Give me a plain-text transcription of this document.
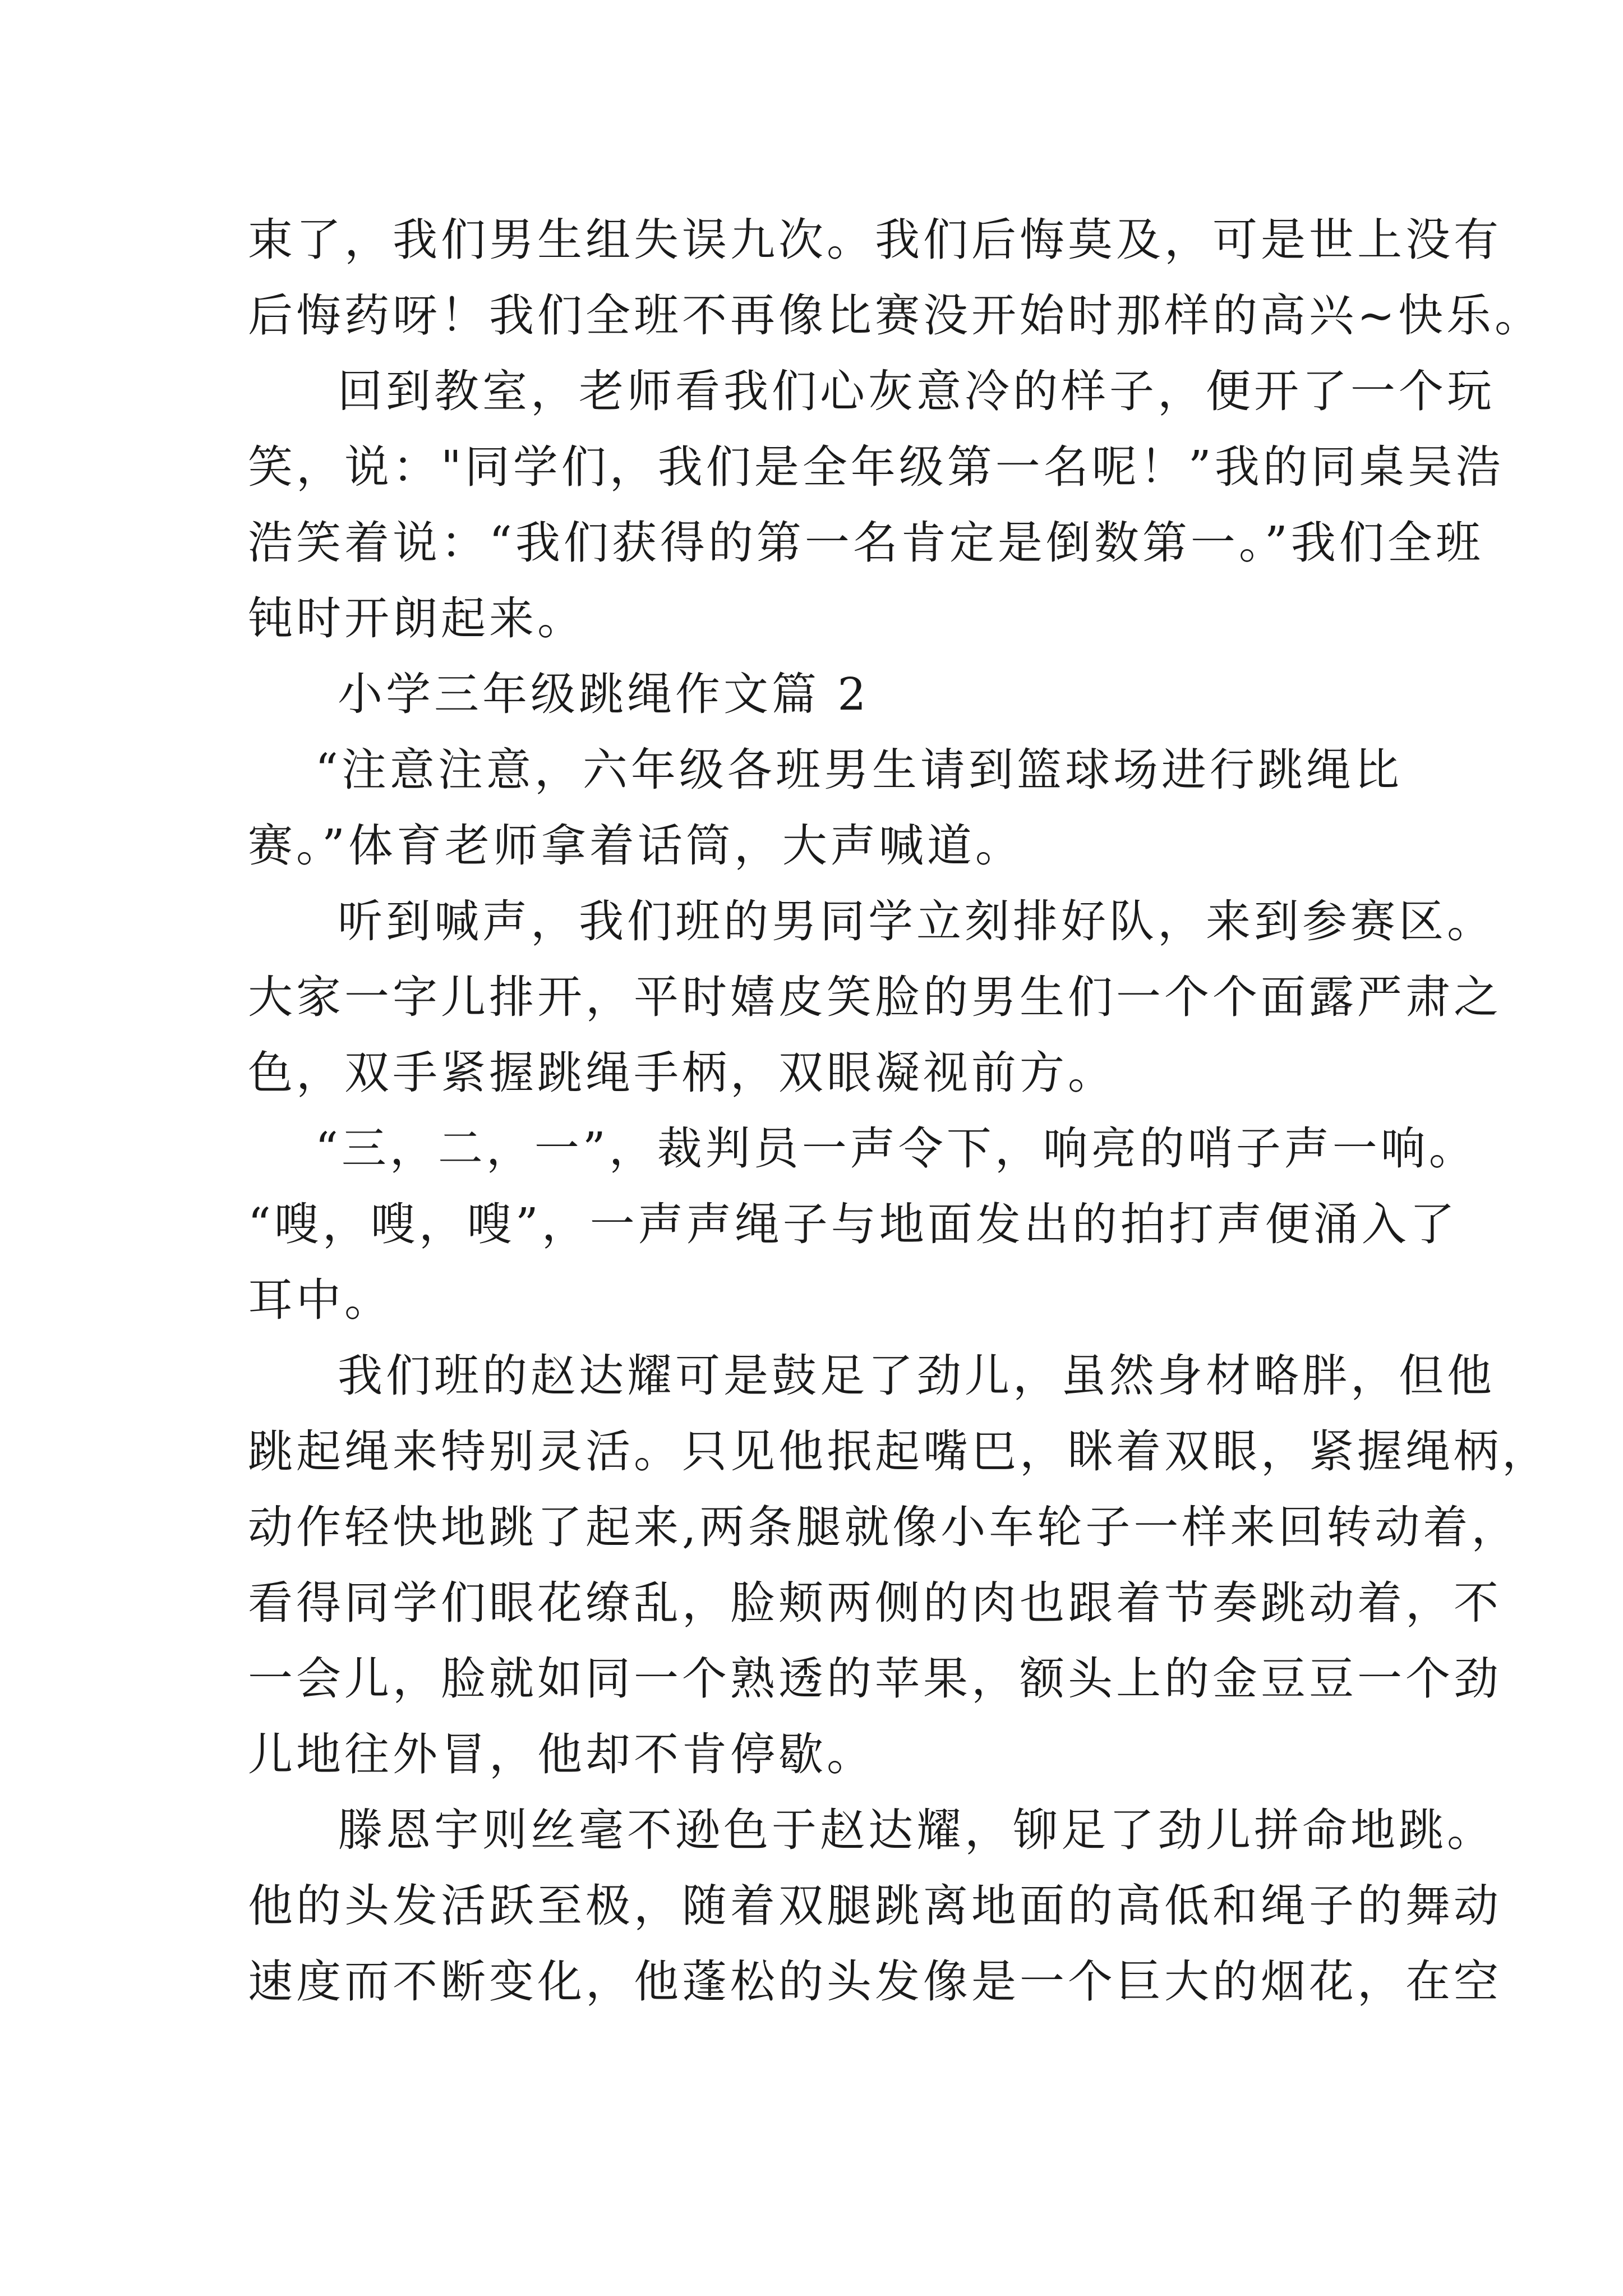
束了，我们男生组失误九次。我们后悔莫及，可是世上没有
后悔药呀！我们全班不再像比赛没开始时那样的高兴~快乐。
回到教室，老师看我们心灰意冷的样子，便开了一个玩
笑，说："同学们，我们是全年级第一名呢！”我的同桌吴浩
浩笑着说：“我们获得的第一名肯定是倒数第一。”我们全班
钝时开朗起来。
小学三年级跳绳作文篇 2
“注意注意，六年级各班男生请到篮球场进行跳绳比
赛。”体育老师拿着话筒，大声喊道。
听到喊声，我们班的男同学立刻排好队，来到参赛区。
大家一字儿排开，平时嬉皮笑脸的男生们一个个面露严肃之
色，双手紧握跳绳手柄，双眼凝视前方。
“三，二，一”，裁判员一声令下，响亮的哨子声一响。
“嗖，嗖，嗖”，一声声绳子与地面发出的拍打声便涌入了
耳中。
我们班的赵达耀可是鼓足了劲儿，虽然身材略胖，但他
跳起绳来特别灵活。只见他抿起嘴巴，眯着双眼，紧握绳柄，
动作轻快地跳了起来,两条腿就像小车轮子一样来回转动着，
看得同学们眼花缭乱，脸颊两侧的肉也跟着节奏跳动着，不
一会儿，脸就如同一个熟透的苹果，额头上的金豆豆一个劲
儿地往外冒，他却不肯停歇。
滕恩宇则丝毫不逊色于赵达耀，铆足了劲儿拼命地跳。
他的头发活跃至极，随着双腿跳离地面的高低和绳子的舞动
速度而不断变化，他蓬松的头发像是一个巨大的烟花，在空
